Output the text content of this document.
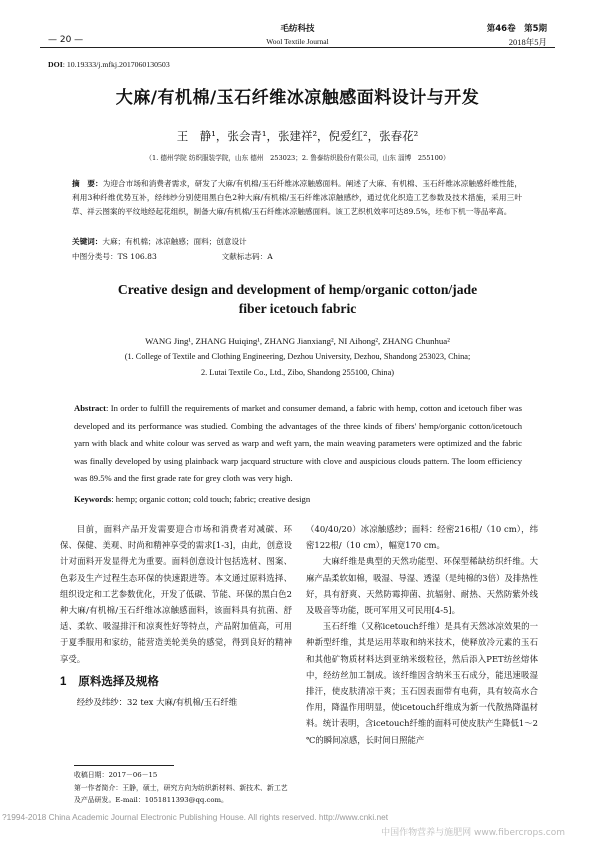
— 20 —
毛纺科技
Wool Textile Journal
第46卷　第5期
2018年5月
DOI: 10.19333/j.mfkj.2017060130503
大麻/有机棉/玉石纤维冰凉触感面料设计与开发
王　静¹，张会青¹，张建祥²，倪爱红²，张春花²
（1. 德州学院 纺织服装学院，山东 德州　253023；2. 鲁泰纺织股份有限公司，山东 淄博　255100）
摘　要：为迎合市场和消费者需求，研发了大麻/有机棉/玉石纤维冰凉触感面料。阐述了大麻、有机棉、玉石纤维冰凉触感纤维性能，利用3种纤维优势互补，经纬纱分别使用黑白色2种大麻/有机棉/玉石纤维冰凉触感纱，通过优化织造工艺参数及技术措施，采用三叶草、祥云图案的平纹地经起花组织，制备大麻/有机棉/玉石纤维冰凉触感面料。该工艺织机效率可达89.5%，坯布下机一等品率高。
关键词：大麻；有机棉；冰凉触感；面料；创意设计
中图分类号：TS 106.83	文献标志码：A
Creative design and development of hemp/organic cotton/jade
fiber icetouch fabric
WANG Jing¹, ZHANG Huiqing¹, ZHANG Jianxiang², NI Aihong², ZHANG Chunhua²
(1. College of Textile and Clothing Engineering, Dezhou University, Dezhou, Shandong 253023, China;
2. Lutai Textile Co., Ltd., Zibo, Shandong 255100, China)
Abstract: In order to fulfill the requirements of market and consumer demand, a fabric with hemp, cotton and icetouch fiber was developed and its performance was studied. Combing the advantages of the three kinds of fibers' hemp/organic cotton/icetouch yarn with black and white colour was served as warp and weft yarn, the main weaving parameters were optimized and the fabric was finally developed by using plainback warp jacquard structure with clove and auspicious clouds pattern. The loom efficiency was 89.5% and the first grade rate for grey cloth was very high.
Keywords: hemp; organic cotton; cold touch; fabric; creative design

目前，面料产品开发需要迎合市场和消费者对减碳、环保、保健、美观、时尚和精神享受的需求[1-3]，由此，创意设计对面料开发显得尤为重要。面料创意设计包括选材、图案、色彩及生产过程生态环保的快速跟进等。本文通过原料选择、组织设定和工艺参数优化，开发了低碳、节能、环保的黑白色2种大麻/有机棉/玉石纤维冰凉触感面料，该面料具有抗菌、舒适、柔软、吸湿排汗和凉爽性好等特点，产品附加值高，可用于夏季服用和家纺，能营造美轮美奂的感觉，得到良好的精神享受。

1 原料选择及规格

经纱及纬纱：32 tex 大麻/有机棉/玉石纤维

收稿日期：2017－06－15
第一作者简介：王静，硕士，研究方向为纺织新材料、新技术、新工艺及产品研发。E-mail：1051811393@qq.com。

（40/40/20）冰凉触感纱；面料：经密216根/（10 cm），纬密122根/（10 cm），幅宽170 cm。

大麻纤维是典型的天然功能型、环保型稀缺纺织纤维。大麻产品柔软如棉，吸湿、导湿、透湿（是纯棉的3倍）及排热性好，具有舒爽、天然防霉抑菌、抗辐射、耐热、天然防紫外线及吸音等功能，既可军用又可民用[4-5]。

玉石纤维（又称icetouch纤维）是具有天然冰凉效果的一种新型纤维，其是运用萃取和纳米技术，使释放冷元素的玉石和其他矿物质材料达到亚纳米级粒径，然后添入PET纺丝熔体中，经纺丝加工制成。该纤维因含纳米玉石成分，能迅速吸湿排汗，使皮肤清凉干爽；玉石因表面带有电荷，具有较高水合作用，降温作用明显，使icetouch纤维成为新一代散热降温材料。统计表明，含icetouch纤维的面料可使皮肤产生降低1～2 ℃的瞬间凉感，长时间日照能产

?1994-2018 China Academic Journal Electronic Publishing House. All rights reserved. http://www.cnki.net
中国作物营养与施肥网 www.fibercrops.com
